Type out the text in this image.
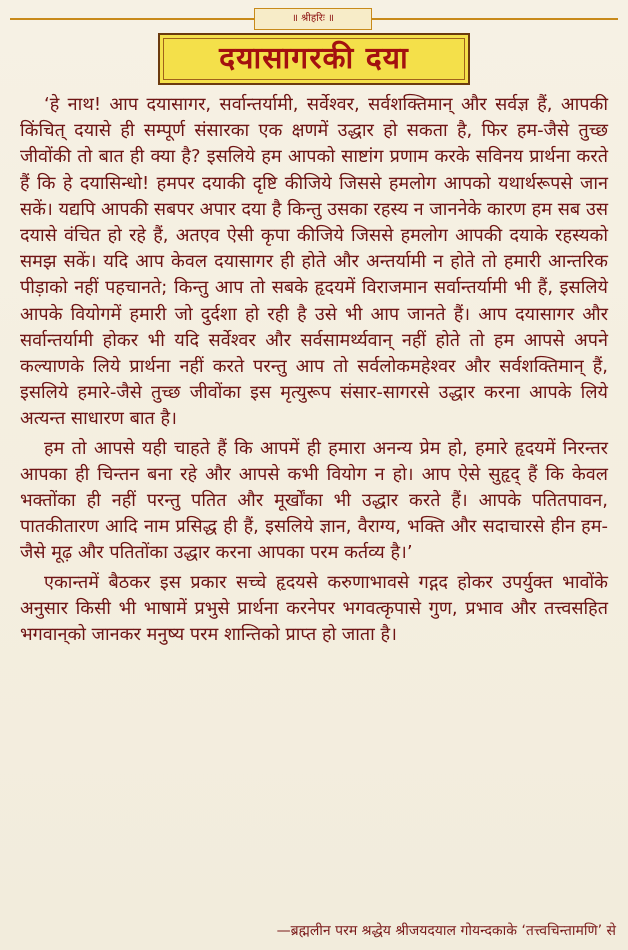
॥ श्रीहरिः ॥
दयासागरकी दया

‘हे नाथ! आप दयासागर, सर्वान्तर्यामी, सर्वेश्वर, सर्वशक्तिमान् और सर्वज्ञ हैं, आपकी किंचित् दयासे ही सम्पूर्ण संसारका एक क्षणमें उद्धार हो सकता है, फिर हम-जैसे तुच्छ जीवोंकी तो बात ही क्या है? इसलिये हम आपको साष्टांग प्रणाम करके सविनय प्रार्थना करते हैं कि हे दयासिन्धो! हमपर दयाकी दृष्टि कीजिये जिससे हमलोग आपको यथार्थरूपसे जान सकें। यद्यपि आपकी सबपर अपार दया है किन्तु उसका रहस्य न जाननेके कारण हम सब उस दयासे वंचित हो रहे हैं, अतएव ऐसी कृपा कीजिये जिससे हमलोग आपकी दयाके रहस्यको समझ सकें। यदि आप केवल दयासागर ही होते और अन्तर्यामी न होते तो हमारी आन्तरिक पीड़ाको नहीं पहचानते; किन्तु आप तो सबके हृदयमें विराजमान सर्वान्तर्यामी भी हैं, इसलिये आपके वियोगमें हमारी जो दुर्दशा हो रही है उसे भी आप जानते हैं। आप दयासागर और सर्वान्तर्यामी होकर भी यदि सर्वेश्वर और सर्वसामर्थ्यवान् नहीं होते तो हम आपसे अपने कल्याणके लिये प्रार्थना नहीं करते परन्तु आप तो सर्वलोकमहेश्वर और सर्वशक्तिमान् हैं, इसलिये हमारे-जैसे तुच्छ जीवोंका इस मृत्युरूप संसार-सागरसे उद्धार करना आपके लिये अत्यन्त साधारण बात है।

हम तो आपसे यही चाहते हैं कि आपमें ही हमारा अनन्य प्रेम हो, हमारे हृदयमें निरन्तर आपका ही चिन्तन बना रहे और आपसे कभी वियोग न हो। आप ऐसे सुहृद् हैं कि केवल भक्तोंका ही नहीं परन्तु पतित और मूर्खोंका भी उद्धार करते हैं। आपके पतितपावन, पातकीतारण आदि नाम प्रसिद्ध ही हैं, इसलिये ज्ञान, वैराग्य, भक्ति और सदाचारसे हीन हम-जैसे मूढ़ और पतितोंका उद्धार करना आपका परम कर्तव्य है।’

एकान्तमें बैठकर इस प्रकार सच्चे हृदयसे करुणाभावसे गद्गद होकर उपर्युक्त भावोंके अनुसार किसी भी भाषामें प्रभुसे प्रार्थना करनेपर भगवत्कृपासे गुण, प्रभाव और तत्त्वसहित भगवान्‌को जानकर मनुष्य परम शान्तिको प्राप्त हो जाता है।

—ब्रह्मलीन परम श्रद्धेय श्रीजयदयाल गोयन्दकाके ‘तत्त्वचिन्तामणि’ से
